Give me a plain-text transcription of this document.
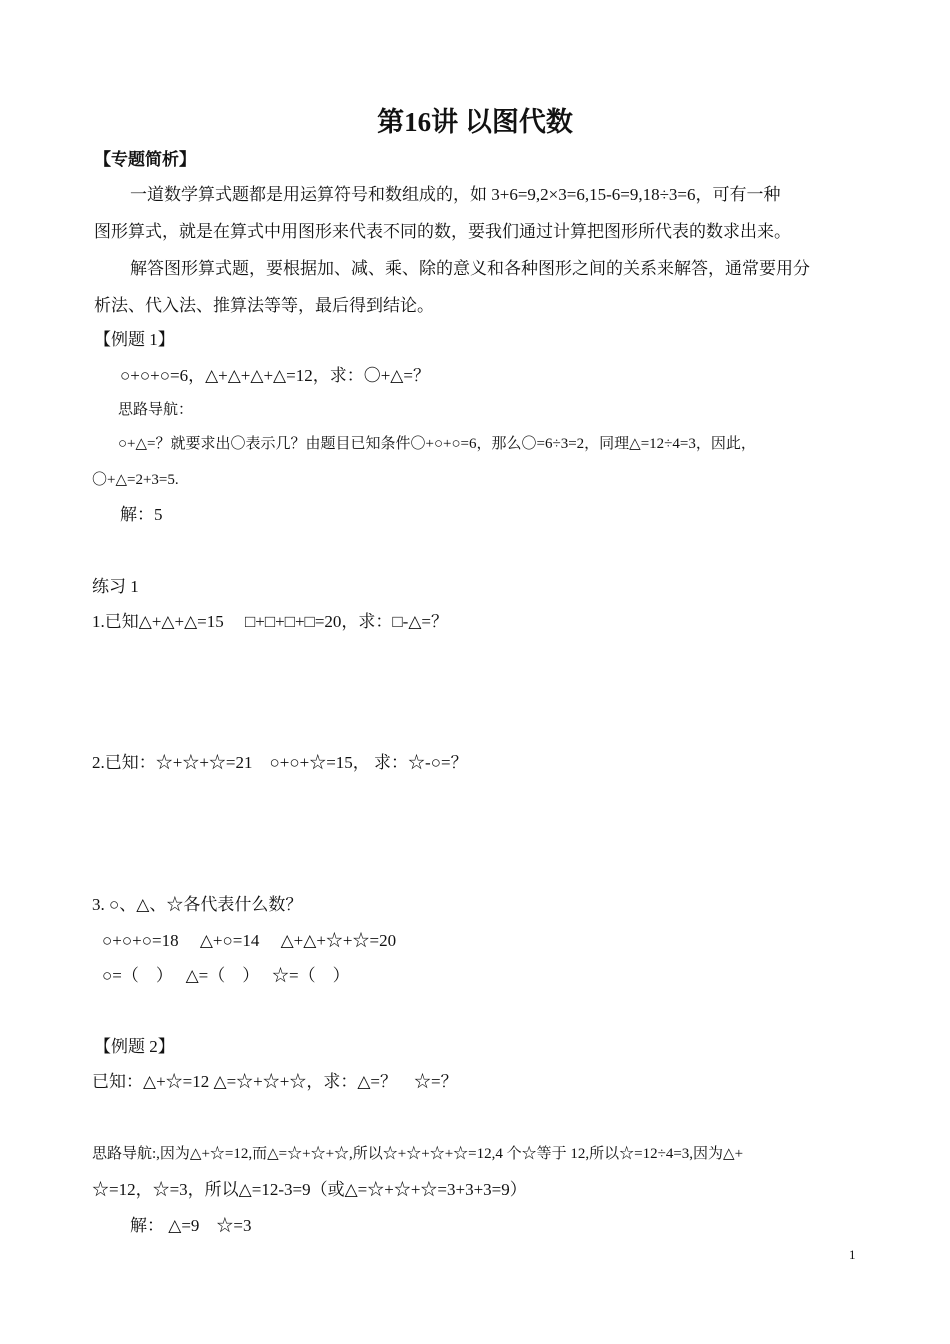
第16讲 以图代数
【专题简析】
一道数学算式题都是用运算符号和数组成的，如 3+6=9,2×3=6,15-6=9,18÷3=6，可有一种
图形算式，就是在算式中用图形来代表不同的数，要我们通过计算把图形所代表的数求出来。
解答图形算式题，要根据加、减、乘、除的意义和各种图形之间的关系来解答，通常要用分
析法、代入法、推算法等等，最后得到结论。
【例题 1】
○+○+○=6，△+△+△+△=12，求：〇+△=？
思路导航：
○+△=？就要求出〇表示几？由题目已知条件〇+○+○=6，那么〇=6÷3=2，同理△=12÷4=3，因此，
〇+△=2+3=5.
解：5
练习 1
1.已知△+△+△=15　 □+□+□+□=20，求：□-△=？
2.已知：☆+☆+☆=21　○+○+☆=15， 求：☆-○=？
3. ○、△、☆各代表什么数？
○+○+○=18　 △+○=14　 △+△+☆+☆=20
○=（　）　 △=（　）　 ☆=（　）
【例题 2】
已知：△+☆=12 △=☆+☆+☆，求：△=？　☆=？
思路导航:,因为△+☆=12,而△=☆+☆+☆,所以☆+☆+☆+☆=12,4 个☆等于 12,所以☆=12÷4=3,因为△+
☆=12，☆=3，所以△=12-3=9（或△=☆+☆+☆=3+3+3=9）
解： △=9　☆=3
1
